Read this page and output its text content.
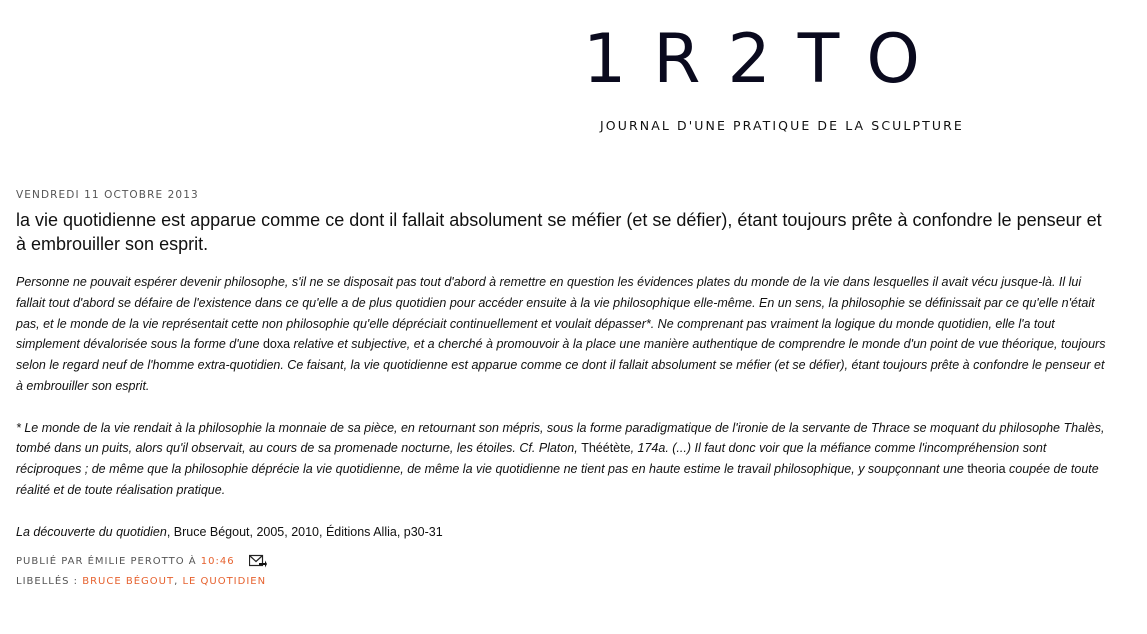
1R2TO
JOURNAL D'UNE PRATIQUE DE LA SCULPTURE
VENDREDI 11 OCTOBRE 2013
la vie quotidienne est apparue comme ce dont il fallait absolument se méfier (et se défier), étant toujours prête à confondre le penseur et à embrouiller son esprit.

Personne ne pouvait espérer devenir philosophe, s'il ne se disposait pas tout d'abord à remettre en question les évidences plates du monde de la vie dans lesquelles il avait vécu jusque-là. Il lui fallait tout d'abord se défaire de l'existence dans ce qu'elle a de plus quotidien pour accéder ensuite à la vie philosophique elle-même. En un sens, la philosophie se définissait par ce qu'elle n'était pas, et le monde de la vie représentait cette non philosophie qu'elle dépréciait continuellement et voulait dépasser*. Ne comprenant pas vraiment la logique du monde quotidien, elle l'a tout simplement dévalorisée sous la forme d'une doxa relative et subjective, et a cherché à promouvoir à la place une manière authentique de comprendre le monde d'un point de vue théorique, toujours selon le regard neuf de l'homme extra-quotidien. Ce faisant, la vie quotidienne est apparue comme ce dont il fallait absolument se méfier (et se défier), étant toujours prête à confondre le penseur et à embrouiller son esprit.

* Le monde de la vie rendait à la philosophie la monnaie de sa pièce, en retournant son mépris, sous la forme paradigmatique de l'ironie de la servante de Thrace se moquant du philosophe Thalès, tombé dans un puits, alors qu'il observait, au cours de sa promenade nocturne, les étoiles. Cf. Platon, Théétète, 174a. (...) Il faut donc voir que la méfiance comme l'incompréhension sont réciproques ; de même que la philosophie déprécie la vie quotidienne, de même la vie quotidienne ne tient pas en haute estime le travail philosophique, y soupçonnant une theoria coupée de toute réalité et de toute réalisation pratique.

La découverte du quotidien, Bruce Bégout, 2005, 2010, Éditions Allia, p30-31

PUBLIÉ PAR ÉMILIE PEROTTO À 10:46
LIBELLÉS : BRUCE BÉGOUT, LE QUOTIDIEN
